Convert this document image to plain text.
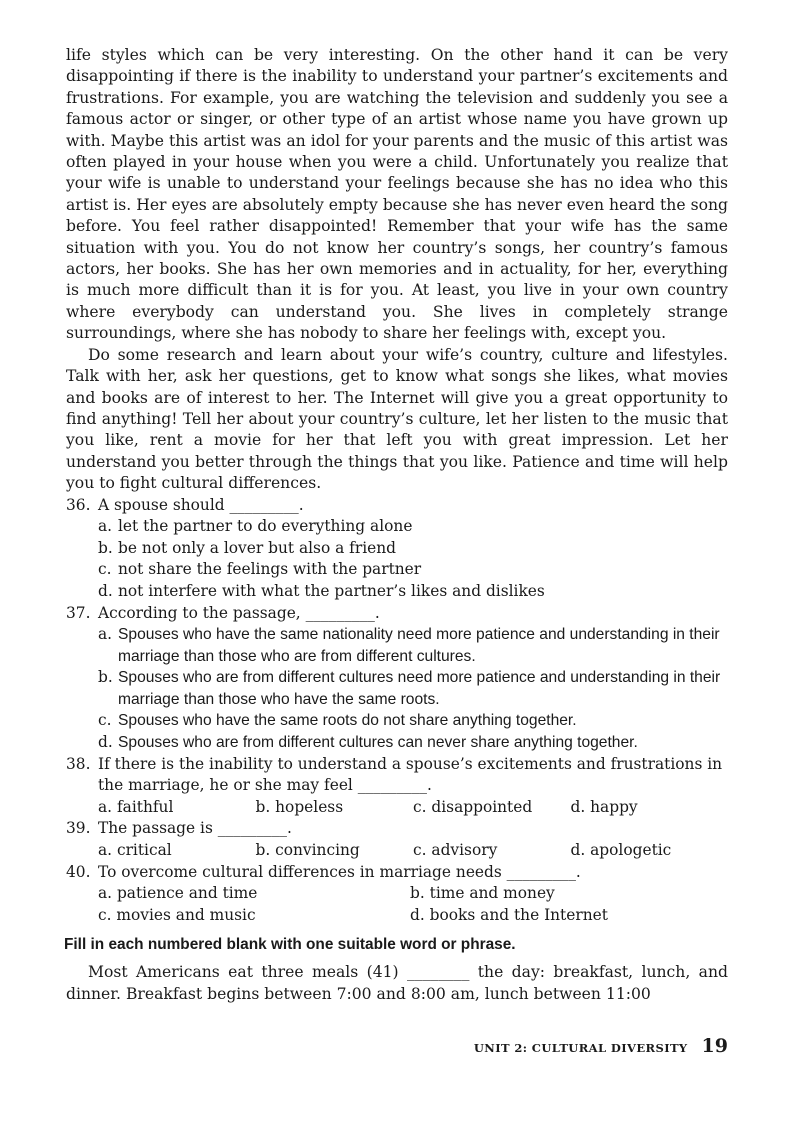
life styles which can be very interesting. On the other hand it can be very disappointing if there is the inability to understand your partner’s excitements and frustrations. For example, you are watching the television and suddenly you see a famous actor or singer, or other type of an artist whose name you have grown up with. Maybe this artist was an idol for your parents and the music of this artist was often played in your house when you were a child. Unfortunately you realize that your wife is unable to understand your feelings because she has no idea who this artist is. Her eyes are absolutely empty because she has never even heard the song before. You feel rather disappointed! Remember that your wife has the same situation with you. You do not know her country’s songs, her country’s famous actors, her books. She has her own memories and in actuality, for her, everything is much more difficult than it is for you. At least, you live in your own country where everybody can understand you. She lives in completely strange surroundings, where she has nobody to share her feelings with, except you.

Do some research and learn about your wife’s country, culture and lifestyles. Talk with her, ask her questions, get to know what songs she likes, what movies and books are of interest to her. The Internet will give you a great opportunity to find anything! Tell her about your country’s culture, let her listen to the music that you like, rent a movie for her that left you with great impression. Let her understand you better through the things that you like. Patience and time will help you to fight cultural differences.

36. A spouse should _________.
a. let the partner to do everything alone
b. be not only a lover but also a friend
c. not share the feelings with the partner
d. not interfere with what the partner’s likes and dislikes
37. According to the passage, _________.
a. Spouses who have the same nationality need more patience and understanding in their marriage than those who are from different cultures.
b. Spouses who are from different cultures need more patience and understanding in their marriage than those who have the same roots.
c. Spouses who have the same roots do not share anything together.
d. Spouses who are from different cultures can never share anything together.
38. If there is the inability to understand a spouse’s excitements and frustrations in the marriage, he or she may feel _________.
a. faithful	b. hopeless	c. disappointed	d. happy
39. The passage is _________.
a. critical	b. convincing	c. advisory	d. apologetic
40. To overcome cultural differences in marriage needs _________.
a. patience and time	b. time and money
c. movies and music	d. books and the Internet
Fill in each numbered blank with one suitable word or phrase.

Most Americans eat three meals (41) ________ the day: breakfast, lunch, and dinner. Breakfast begins between 7:00 and 8:00 am, lunch between 11:00

UNIT 2: CULTURAL DIVERSITY 19
